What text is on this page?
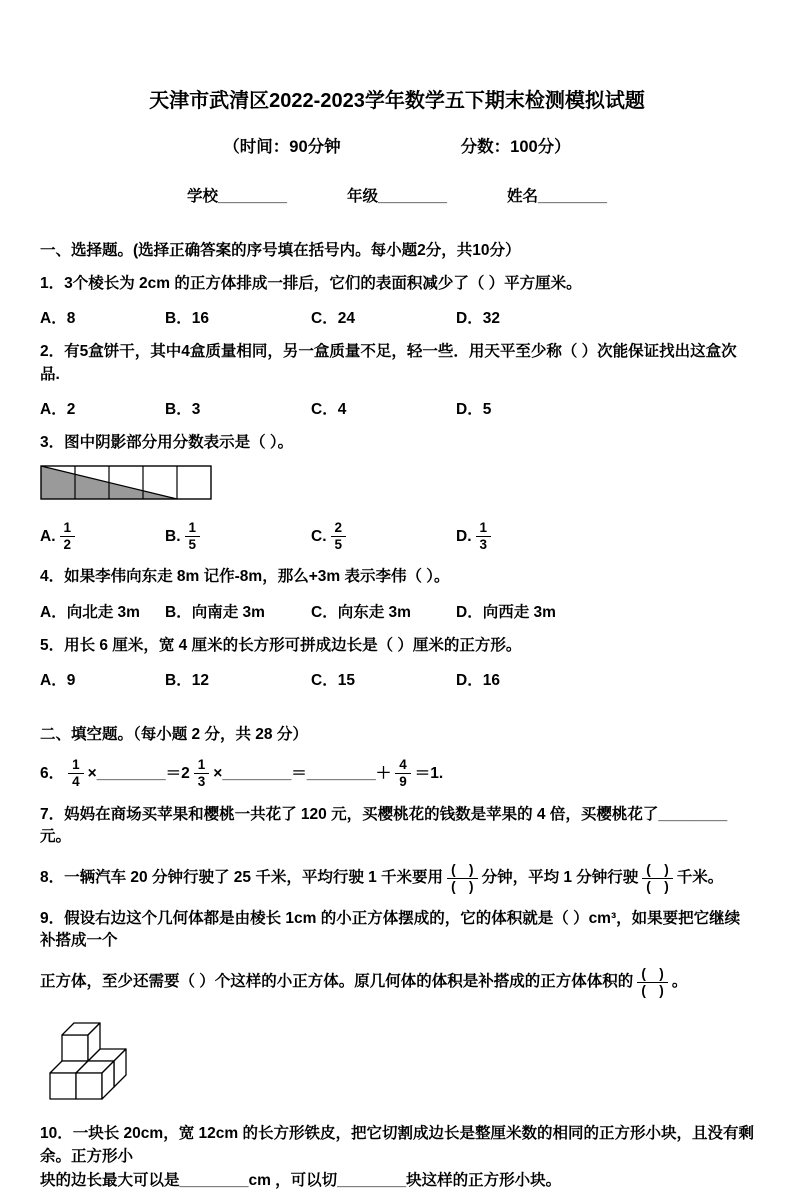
天津市武清区2022-2023学年数学五下期末检测模拟试题
（时间：90分钟	分数：100分）
学校________	年级________	姓名________
一、选择题。(选择正确答案的序号填在括号内。每小题2分，共10分）
1．3个棱长为 2cm 的正方体排成一排后，它们的表面积减少了（ ）平方厘米。
A．8	B．16	C．24	D．32
2．有5盒饼干，其中4盒质量相同，另一盒质量不足，轻一些．用天平至少称（ ）次能保证找出这盒次品.
A．2	B．3	C．4	D．5
3．图中阴影部分用分数表示是（ ）。
A. $\frac{1}{2}$	B. $\frac{1}{5}$	C. $\frac{2}{5}$	D. $\frac{1}{3}$
4．如果李伟向东走 8m 记作-8m，那么+3m 表示李伟（ ）。
A．向北走 3m	B．向南走 3m	C．向东走 3m	D．向西走 3m
5．用长 6 厘米，宽 4 厘米的长方形可拼成边长是（ ）厘米的正方形。
A．9	B．12	C．15	D．16
二、填空题。（每小题 2 分，共 28 分）
6． $\frac{1}{4}$ ×________＝2 $\frac{1}{3}$ ×________＝________＋ $\frac{4}{9} =1$.
7．妈妈在商场买苹果和樱桃一共花了 120 元，买樱桃花的钱数是苹果的 4 倍，买樱桃花了________元。
8．一辆汽车 20 分钟行驶了 25 千米，平均行驶 1 千米要用 $\frac{( )}{( )}$ 分钟，平均 1 分钟行驶 $\frac{( )}{( )}$ 千米。
9．假设右边这个几何体都是由棱长 1cm 的小正方体摆成的，它的体积就是（ ）cm³，如果要把它继续补搭成一个
正方体，至少还需要（ ）个这样的小正方体。原几何体的体积是补搭成的正方体体积的 $\frac{( )}{( )}$ 。
10．一块长 20cm，宽 12cm 的长方形铁皮，把它切割成边长是整厘米数的相同的正方形小块，且没有剩余。正方形小
块的边长最大可以是________cm ，可以切________块这样的正方形小块。
